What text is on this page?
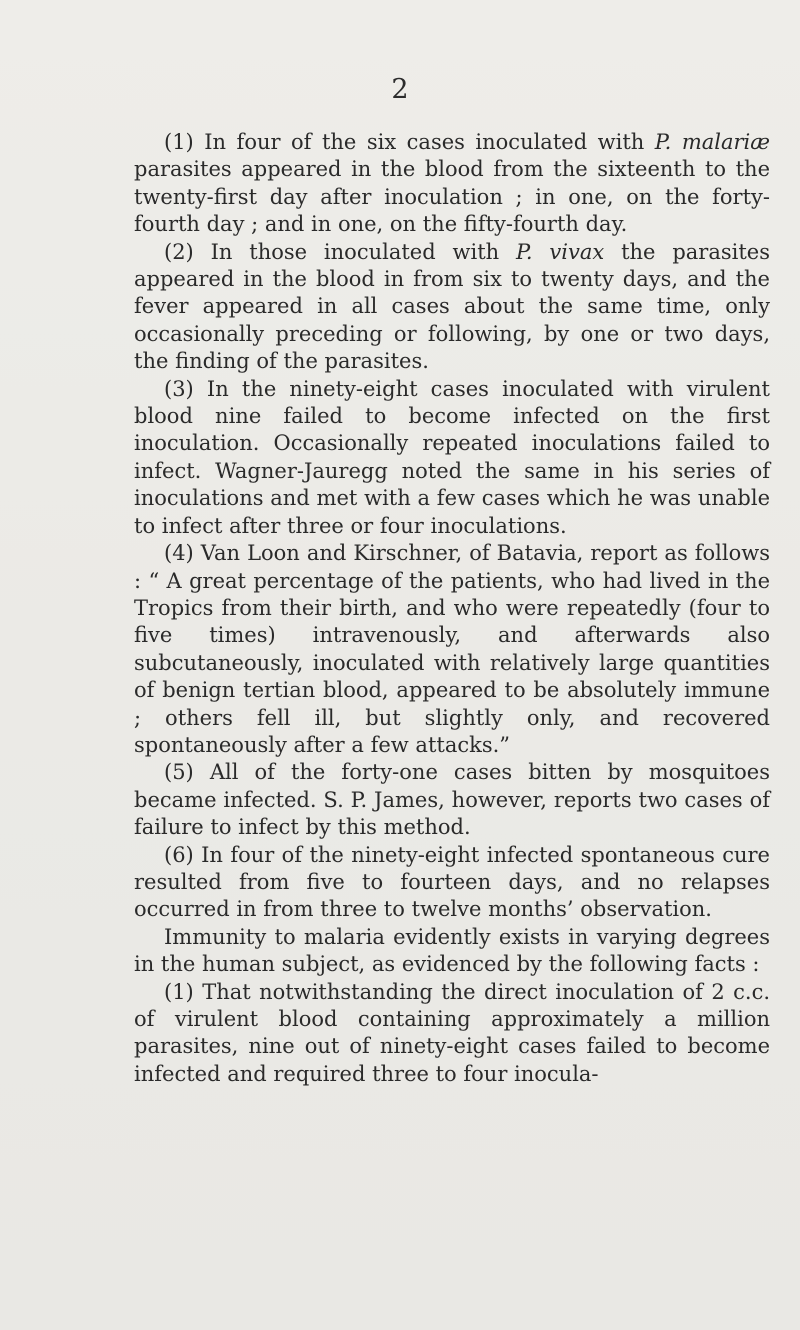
2

(1) In four of the six cases inoculated with P. malariæ parasites appeared in the blood from the sixteenth to the twenty-first day after inoculation ; in one, on the forty-fourth day ; and in one, on the fifty-fourth day.

(2) In those inoculated with P. vivax the parasites appeared in the blood in from six to twenty days, and the fever appeared in all cases about the same time, only occasionally preceding or following, by one or two days, the finding of the parasites.

(3) In the ninety-eight cases inoculated with virulent blood nine failed to become infected on the first inoculation. Occasionally repeated inoculations failed to infect. Wagner-Jauregg noted the same in his series of inoculations and met with a few cases which he was unable to infect after three or four inoculations.

(4) Van Loon and Kirschner, of Batavia, report as follows : “ A great percentage of the patients, who had lived in the Tropics from their birth, and who were repeatedly (four to five times) intravenously, and afterwards also subcutaneously, inoculated with relatively large quantities of benign tertian blood, appeared to be absolutely immune ; others fell ill, but slightly only, and recovered spontaneously after a few attacks.”

(5) All of the forty-one cases bitten by mosquitoes became infected. S. P. James, however, reports two cases of failure to infect by this method.

(6) In four of the ninety-eight infected spontaneous cure resulted from five to fourteen days, and no relapses occurred in from three to twelve months’ observation.

Immunity to malaria evidently exists in varying degrees in the human subject, as evidenced by the following facts :

(1) That notwithstanding the direct inoculation of 2 c.c. of virulent blood containing approximately a million parasites, nine out of ninety-eight cases failed to become infected and required three to four inocula-
